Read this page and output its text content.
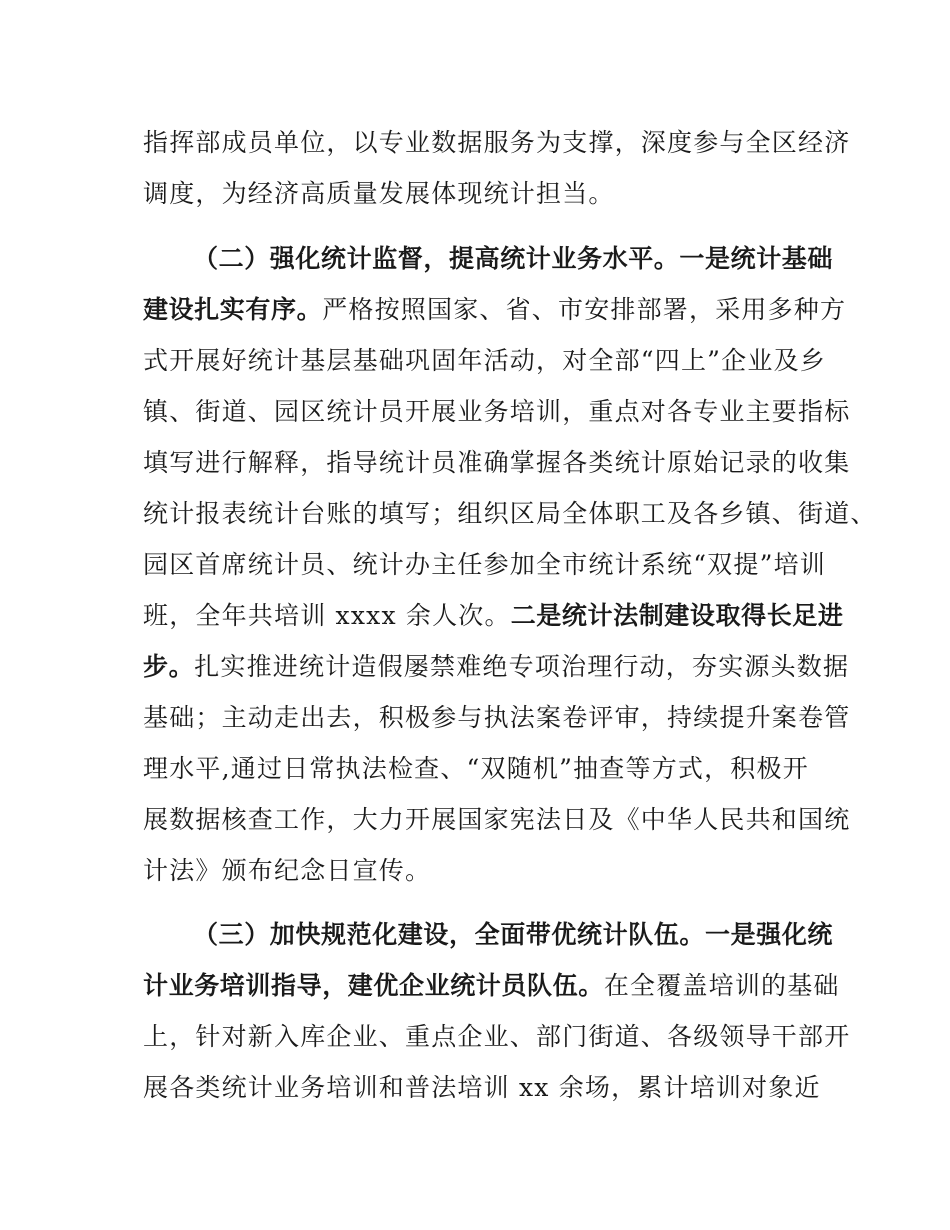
指挥部成员单位，以专业数据服务为支撑，深度参与全区经济
调度，为经济高质量发展体现统计担当。
（二）强化统计监督，提高统计业务水平。一是统计基础
建设扎实有序。严格按照国家、省、市安排部署，采用多种方
式开展好统计基层基础巩固年活动，对全部“四上”企业及乡
镇、街道、园区统计员开展业务培训，重点对各专业主要指标
填写进行解释，指导统计员准确掌握各类统计原始记录的收集
统计报表统计台账的填写；组织区局全体职工及各乡镇、街道、
园区首席统计员、统计办主任参加全市统计系统“双提”培训
班，全年共培训 xxxx 余人次。二是统计法制建设取得长足进
步。扎实推进统计造假屡禁难绝专项治理行动，夯实源头数据
基础；主动走出去，积极参与执法案卷评审，持续提升案卷管
理水平,通过日常执法检查、“双随机”抽查等方式，积极开
展数据核查工作，大力开展国家宪法日及《中华人民共和国统
计法》颁布纪念日宣传。
（三）加快规范化建设，全面带优统计队伍。一是强化统
计业务培训指导，建优企业统计员队伍。在全覆盖培训的基础
上，针对新入库企业、重点企业、部门街道、各级领导干部开
展各类统计业务培训和普法培训 xx 余场，累计培训对象近
